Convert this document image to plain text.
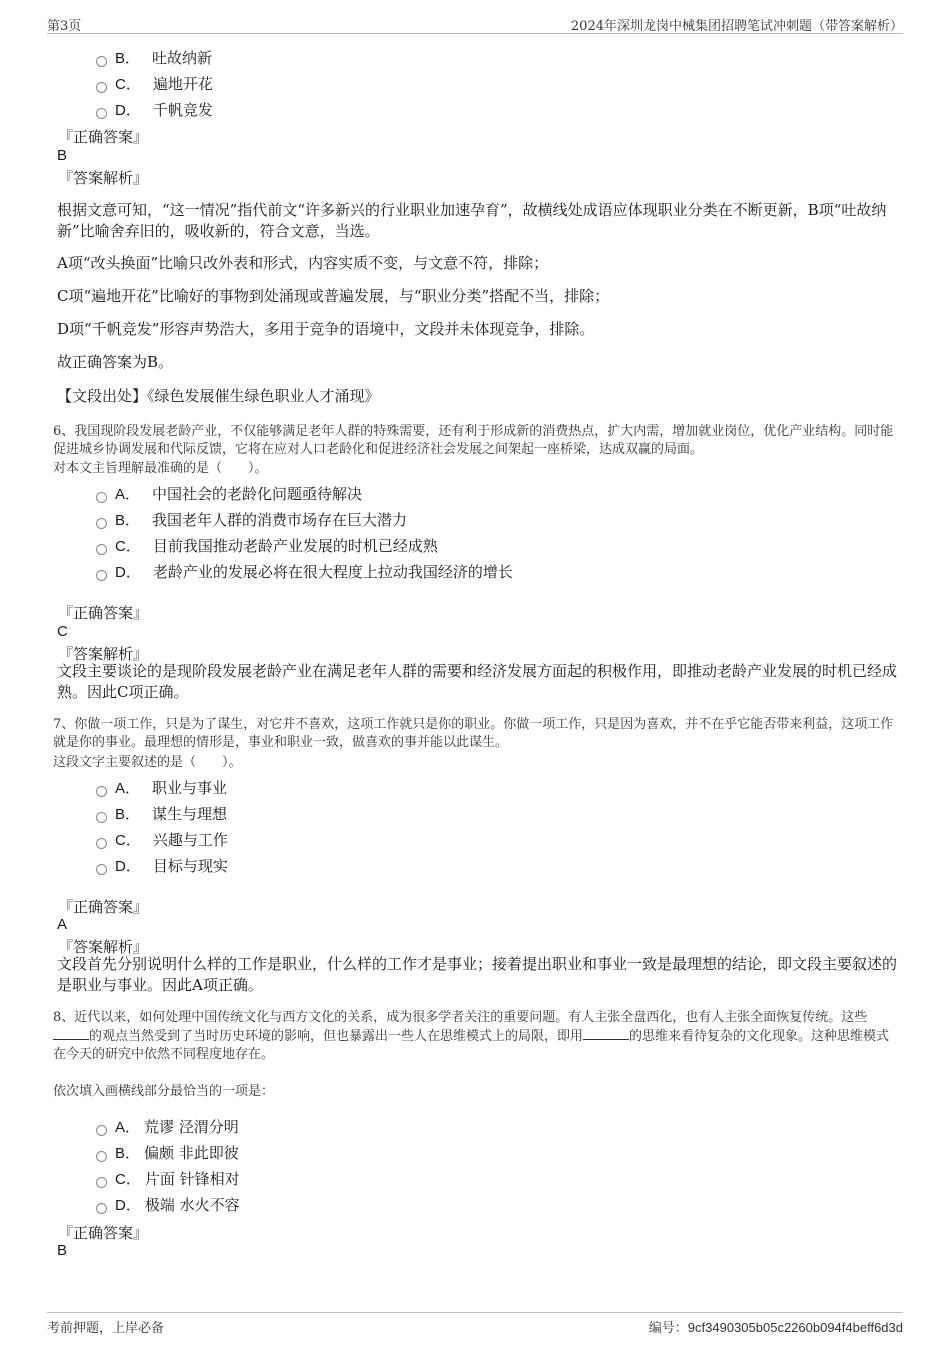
第3页	2024年深圳龙岗中械集团招聘笔试冲刺题（带答案解析）
B． 吐故纳新
C． 遍地开花
D． 千帆竞发
『正确答案』
B
『答案解析』
根据文意可知，“这一情况”指代前文“许多新兴的行业职业加速孕育”，故横线处成语应体现职业分类在不断更新，B项“吐故纳新”比喻舍弃旧的，吸收新的，符合文意，当选。
A项“改头换面”比喻只改外表和形式，内容实质不变，与文意不符，排除；
C项“遍地开花”比喻好的事物到处涌现或普遍发展，与“职业分类”搭配不当，排除；
D项“千帆竞发”形容声势浩大，多用于竞争的语境中，文段并未体现竞争，排除。
故正确答案为B。
【文段出处】《绿色发展催生绿色职业人才涌现》
6、我国现阶段发展老龄产业，不仅能够满足老年人群的特殊需要，还有利于形成新的消费热点，扩大内需，增加就业岗位，优化产业结构。同时能促进城乡协调发展和代际反馈，它将在应对人口老龄化和促进经济社会发展之间架起一座桥梁，达成双赢的局面。
对本文主旨理解最准确的是（　　）。
A． 中国社会的老龄化问题亟待解决
B． 我国老年人群的消费市场存在巨大潜力
C． 目前我国推动老龄产业发展的时机已经成熟
D． 老龄产业的发展必将在很大程度上拉动我国经济的增长
『正确答案』
C
『答案解析』
文段主要谈论的是现阶段发展老龄产业在满足老年人群的需要和经济发展方面起的积极作用，即推动老龄产业发展的时机已经成熟。因此C项正确。
7、你做一项工作，只是为了谋生，对它并不喜欢，这项工作就只是你的职业。你做一项工作，只是因为喜欢，并不在乎它能否带来利益，这项工作就是你的事业。最理想的情形是，事业和职业一致，做喜欢的事并能以此谋生。
这段文字主要叙述的是（　　）。
A． 职业与事业
B． 谋生与理想
C． 兴趣与工作
D． 目标与现实
『正确答案』
A
『答案解析』
文段首先分别说明什么样的工作是职业，什么样的工作才是事业；接着提出职业和事业一致是最理想的结论，即文段主要叙述的是职业与事业。因此A项正确。
8、近代以来，如何处理中国传统文化与西方文化的关系，成为很多学者关注的重要问题。有人主张全盘西化，也有人主张全面恢复传统。这些的观点当然受到了当时历史环境的影响，但也暴露出一些人在思维模式上的局限，即用	的思维来看待复杂的文化现象。这种思维模式在今天的研究中依然不同程度地存在。
依次填入画横线部分最恰当的一项是：
A． 荒谬 泾渭分明
B． 偏颇 非此即彼
C． 片面 针锋相对
D． 极端 水火不容
『正确答案』
B
考前押题，上岸必备	编号：9cf3490305b05c2260b094f4beff6d3d
